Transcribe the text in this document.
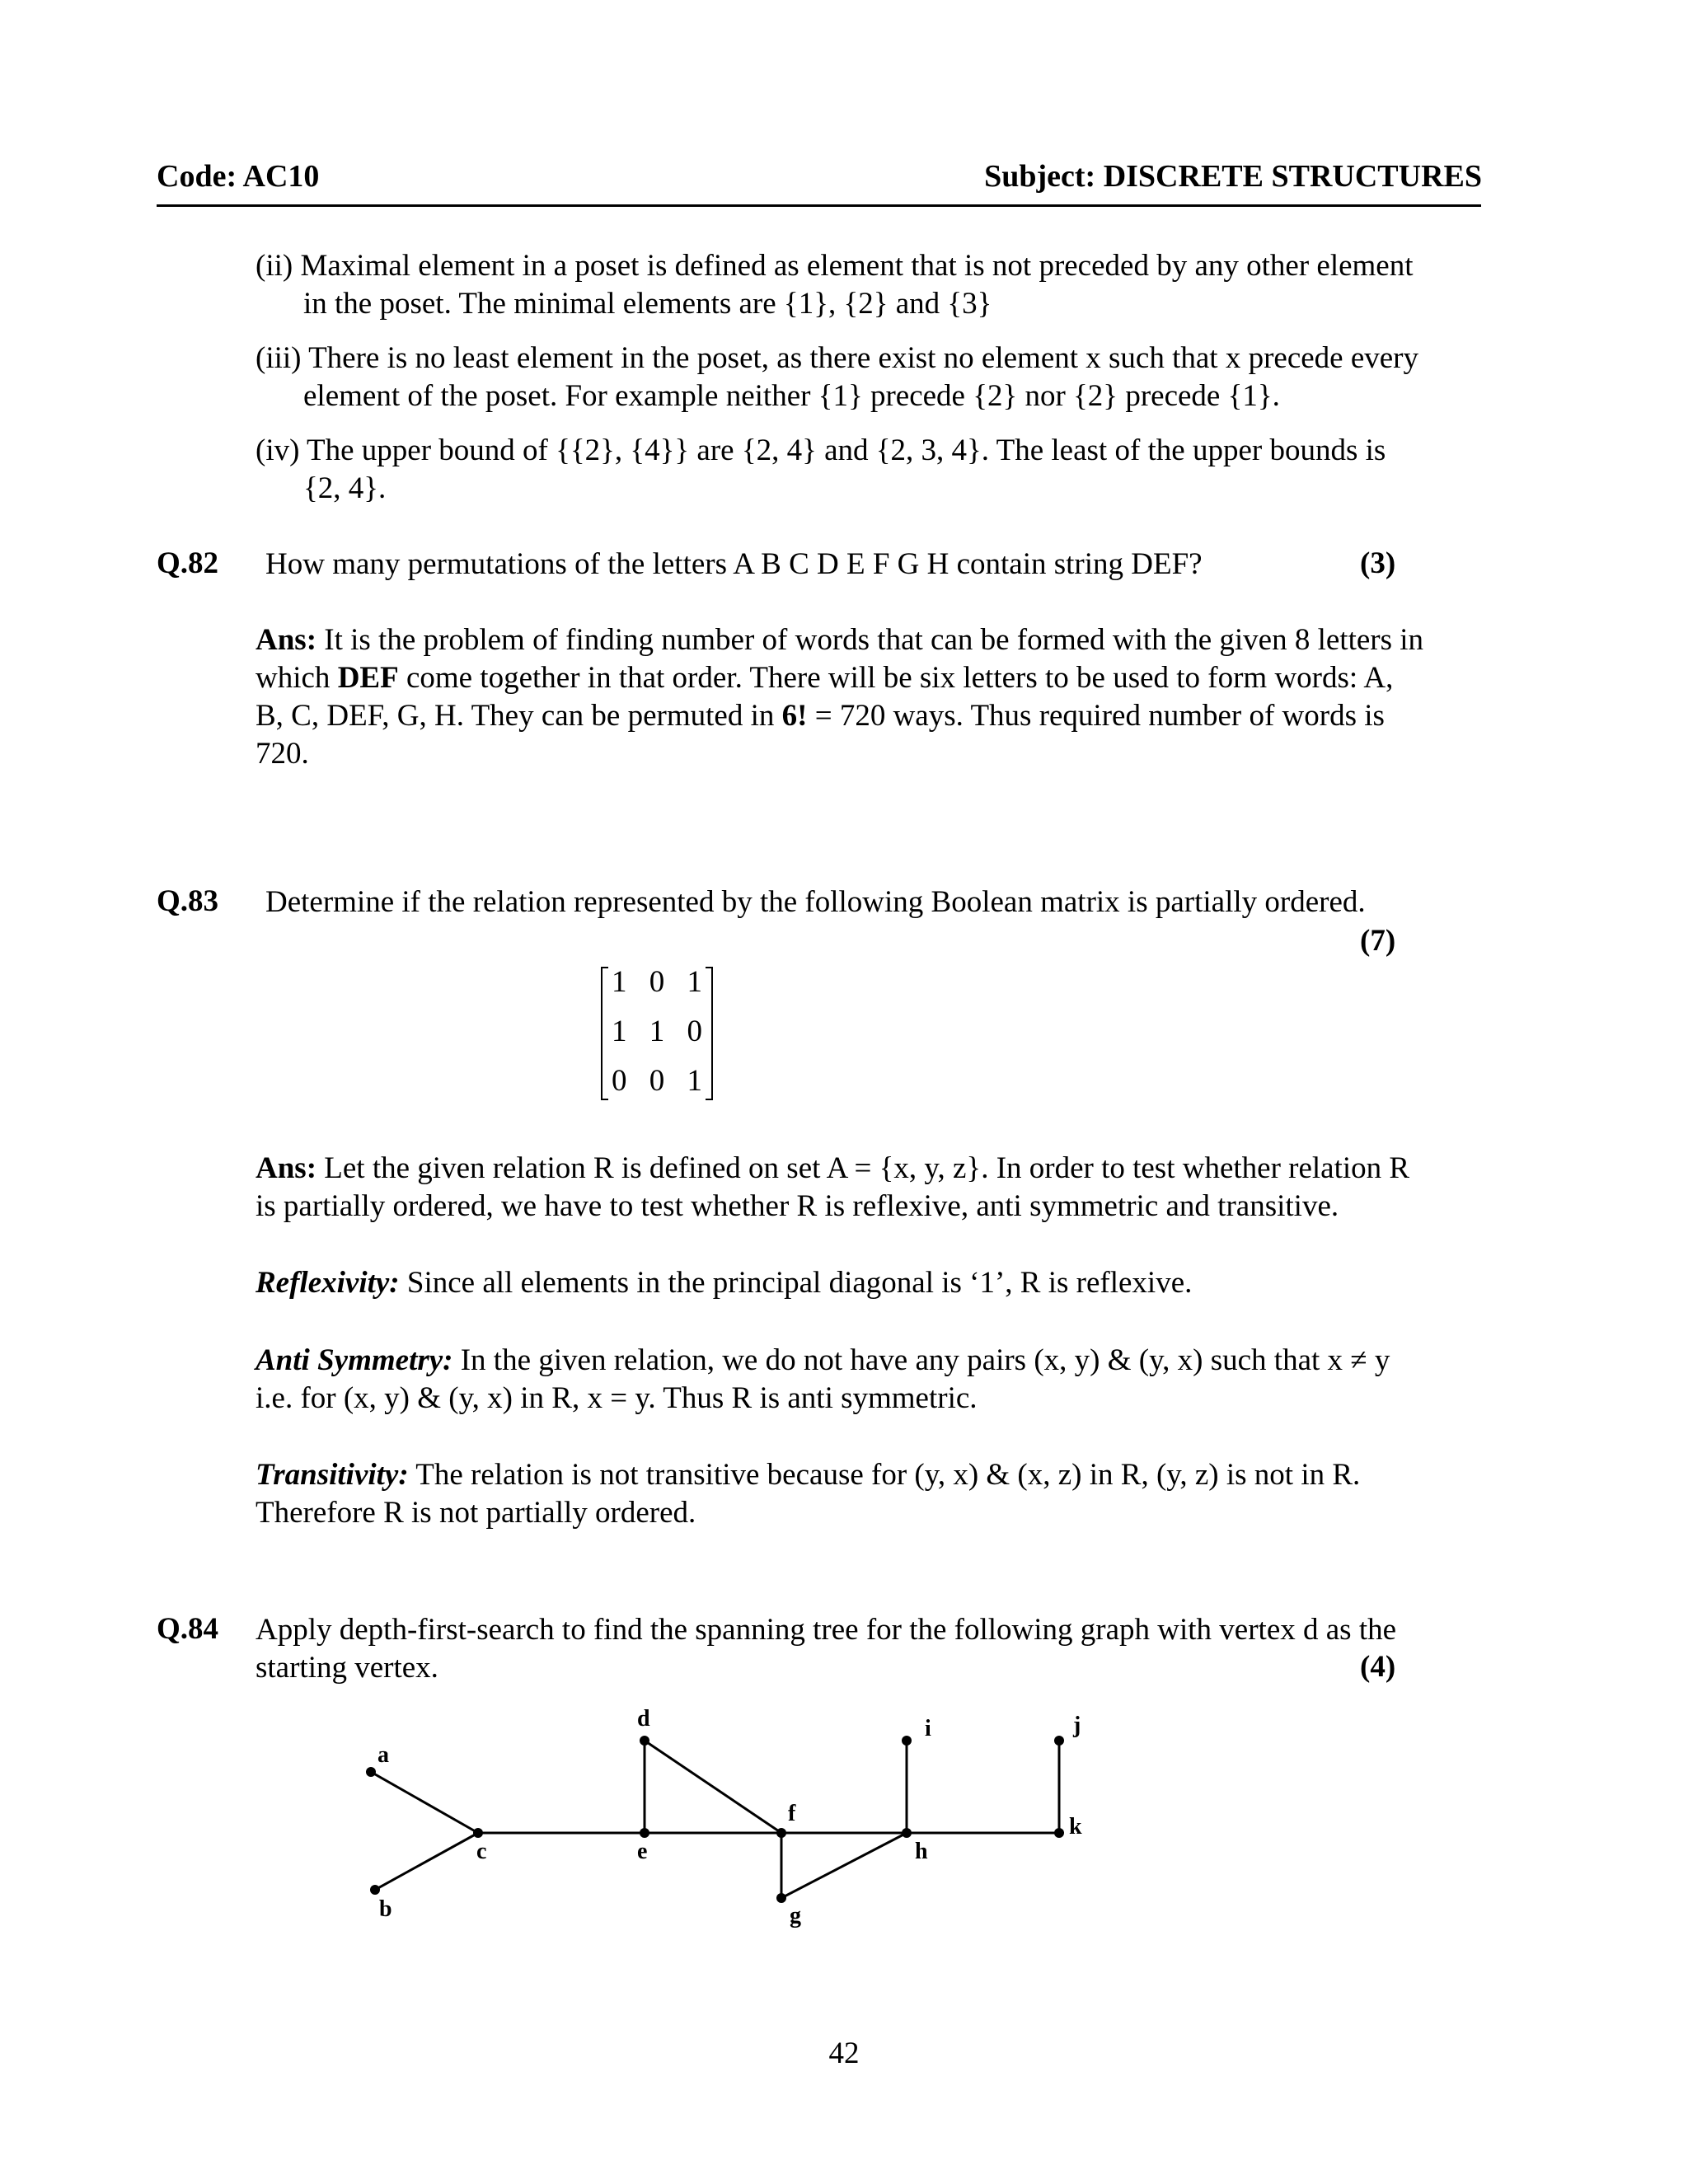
Code: AC10	Subject: DISCRETE STRUCTURES
(ii) Maximal element in a poset is defined as element that is not preceded by any other element
in the poset. The minimal elements are {1}, {2} and {3}
(iii) There is no least element in the poset, as there exist no element x such that x precede every
element of the poset. For example neither {1} precede {2} nor {2} precede {1}.
(iv) The upper bound of {{2}, {4}} are {2, 4} and {2, 3, 4}. The least of the upper bounds is
{2, 4}.
Q.82 How many permutations of the letters A B C D E F G H contain string DEF?	(3)
Ans: It is the problem of finding number of words that can be formed with the given 8 letters in
which DEF come together in that order. There will be six letters to be used to form words: A,
B, C, DEF, G, H. They can be permuted in 6! = 720 ways. Thus required number of words is
720.
Q.83 Determine if the relation represented by the following Boolean matrix is partially ordered.
(7)
1 0 1
1 1 0
0 0 1
Ans: Let the given relation R is defined on set A = {x, y, z}. In order to test whether relation R
is partially ordered, we have to test whether R is reflexive, anti symmetric and transitive.
Reflexivity: Since all elements in the principal diagonal is ‘1’, R is reflexive.
Anti Symmetry: In the given relation, we do not have any pairs (x, y) & (y, x) such that x ≠ y
i.e. for (x, y) & (y, x) in R, x = y. Thus R is anti symmetric.
Transitivity: The relation is not transitive because for (y, x) & (x, z) in R, (y, z) is not in R.
Therefore R is not partially ordered.
Q.84 Apply depth-first-search to find the spanning tree for the following graph with vertex d as the
starting vertex.	(4)
a
b
c
d
e
f
g
h
i	j
k
42
